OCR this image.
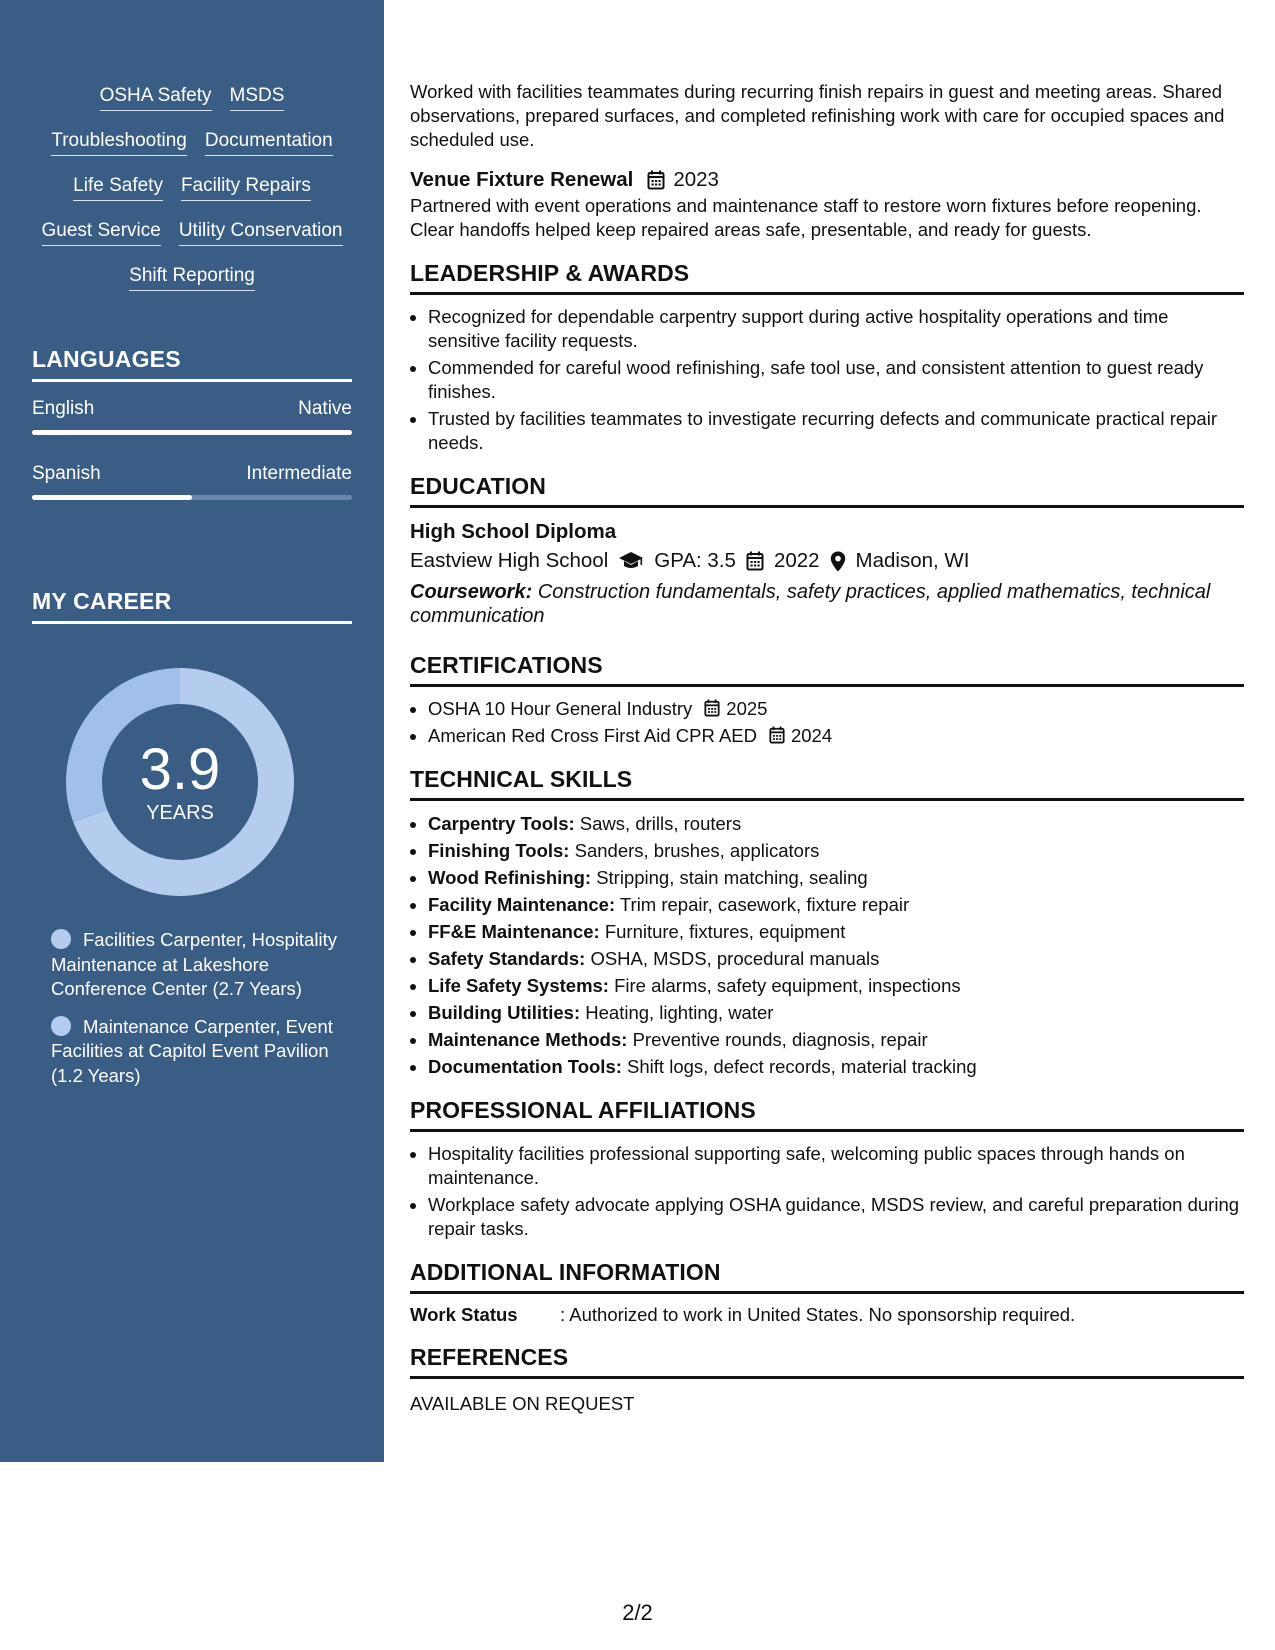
OSHA Safety MSDS
Troubleshooting Documentation
Life Safety Facility Repairs
Guest Service Utility Conservation
Shift Reporting
LANGUAGES
English	Native
Spanish	Intermediate
MY CAREER
3.9
YEARS
Facilities Carpenter, Hospitality Maintenance at Lakeshore Conference Center (2.7 Years)
Maintenance Carpenter, Event Facilities at Capitol Event Pavilion (1.2 Years)
Worked with facilities teammates during recurring finish repairs in guest and meeting areas. Shared observations, prepared surfaces, and completed refinishing work with care for occupied spaces and scheduled use.
Venue Fixture Renewal 2023
Partnered with event operations and maintenance staff to restore worn fixtures before reopening. Clear handoffs helped keep repaired areas safe, presentable, and ready for guests.
LEADERSHIP & AWARDS
• Recognized for dependable carpentry support during active hospitality operations and time sensitive facility requests.
• Commended for careful wood refinishing, safe tool use, and consistent attention to guest ready finishes.
• Trusted by facilities teammates to investigate recurring defects and communicate practical repair needs.
EDUCATION
High School Diploma
Eastview High School GPA: 3.5 2022 Madison, WI
Coursework: Construction fundamentals, safety practices, applied mathematics, technical communication
CERTIFICATIONS
• OSHA 10 Hour General Industry 2025
• American Red Cross First Aid CPR AED 2024
TECHNICAL SKILLS
• Carpentry Tools: Saws, drills, routers
• Finishing Tools: Sanders, brushes, applicators
• Wood Refinishing: Stripping, stain matching, sealing
• Facility Maintenance: Trim repair, casework, fixture repair
• FF&E Maintenance: Furniture, fixtures, equipment
• Safety Standards: OSHA, MSDS, procedural manuals
• Life Safety Systems: Fire alarms, safety equipment, inspections
• Building Utilities: Heating, lighting, water
• Maintenance Methods: Preventive rounds, diagnosis, repair
• Documentation Tools: Shift logs, defect records, material tracking
PROFESSIONAL AFFILIATIONS
• Hospitality facilities professional supporting safe, welcoming public spaces through hands on maintenance.
• Workplace safety advocate applying OSHA guidance, MSDS review, and careful preparation during repair tasks.
ADDITIONAL INFORMATION
Work Status	: Authorized to work in United States. No sponsorship required.
REFERENCES
AVAILABLE ON REQUEST
2/2
